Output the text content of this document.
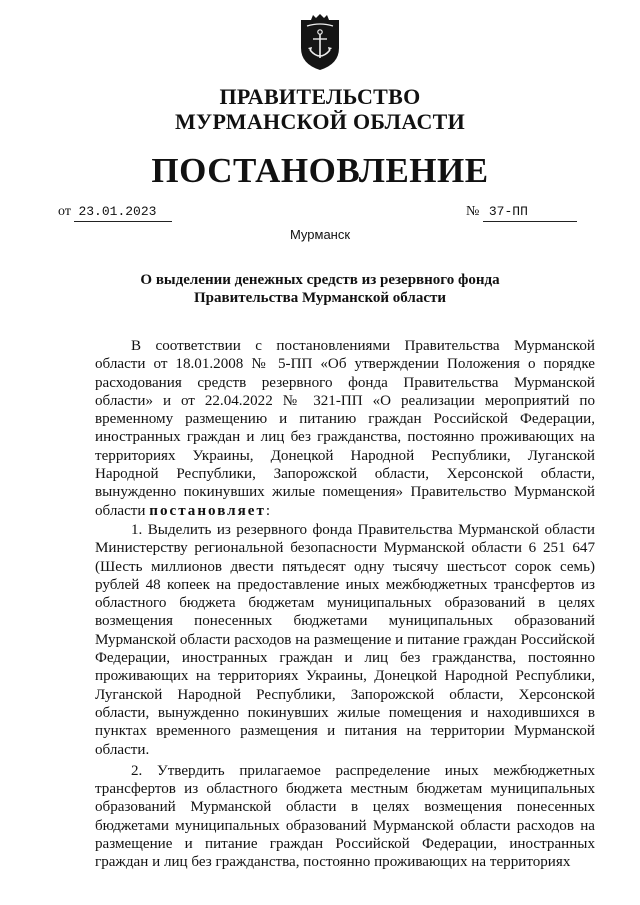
ПРАВИТЕЛЬСТВО
МУРМАНСКОЙ ОБЛАСТИ
ПОСТАНОВЛЕНИЕ
от 23.01.2023	№ 37-ПП
Мурманск
О выделении денежных средств из резервного фонда
Правительства Мурманской области

В соответствии с постановлениями Правительства Мурманской области от 18.01.2008 № 5-ПП «Об утверждении Положения о порядке расходования средств резервного фонда Правительства Мурманской области» и от 22.04.2022 № 321-ПП «О реализации мероприятий по временному размещению и питанию граждан Российской Федерации, иностранных граждан и лиц без гражданства, постоянно проживающих на территориях Украины, Донецкой Народной Республики, Луганской Народной Республики, Запорожской области, Херсонской области, вынужденно покинувших жилые помещения» Правительство Мурманской области постановляет:

1. Выделить из резервного фонда Правительства Мурманской области Министерству региональной безопасности Мурманской области 6 251 647 (Шесть миллионов двести пятьдесят одну тысячу шестьсот сорок семь) рублей 48 копеек на предоставление иных межбюджетных трансфертов из областного бюджета бюджетам муниципальных образований в целях возмещения понесенных бюджетами муниципальных образований Мурманской области расходов на размещение и питание граждан Российской Федерации, иностранных граждан и лиц без гражданства, постоянно проживающих на территориях Украины, Донецкой Народной Республики, Луганской Народной Республики, Запорожской области, Херсонской области, вынужденно покинувших жилые помещения и находившихся в пунктах временного размещения и питания на территории Мурманской области.

2. Утвердить прилагаемое распределение иных межбюджетных трансфертов из областного бюджета местным бюджетам муниципальных образований Мурманской области в целях возмещения понесенных бюджетами муниципальных образований Мурманской области расходов на размещение и питание граждан Российской Федерации, иностранных граждан и лиц без гражданства, постоянно проживающих на территориях
